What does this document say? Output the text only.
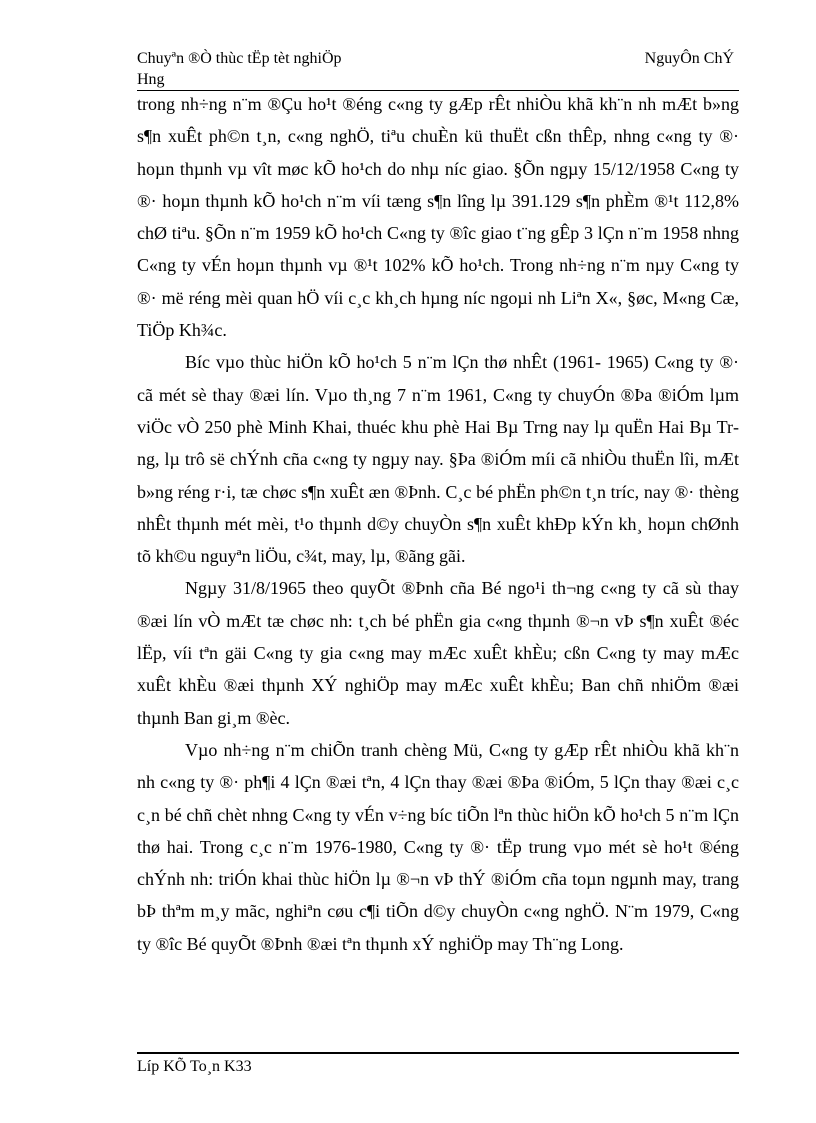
Chuyªn ®Ò thùc tËp tèt nghiÖp
Hng
NguyÔn ChÝ

trong nh÷ng n¨m ®Çu ho¹t ®éng c«ng ty gÆp rÊt nhiÒu khã kh¨n nh mÆt b»ng s¶n xuÊt ph©n t¸n, c«ng nghÖ, tiªu chuÈn kü thuËt cßn thÊp, nhng c«ng ty ®· hoµn thµnh vµ vît møc kÕ ho¹ch do nhµ níc giao. §Õn ngµy 15/12/1958 C«ng ty ®· hoµn thµnh kÕ ho¹ch n¨m víi tæng s¶n lîng lµ 391.129 s¶n phÈm ®¹t 112,8% chØ tiªu. §Õn n¨m 1959 kÕ ho¹ch C«ng ty ®îc giao t¨ng gÊp 3 lÇn n¨m 1958 nhng C«ng ty vÉn hoµn thµnh vµ ®¹t 102% kÕ ho¹ch. Trong nh÷ng n¨m nµy C«ng ty ®· më réng mèi quan hÖ víi c¸c kh¸ch hµng níc ngoµi nh Liªn X«, §øc, M«ng Cæ, TiÖp Kh¾c.

Bíc vµo thùc hiÖn kÕ ho¹ch 5 n¨m lÇn thø nhÊt (1961- 1965) C«ng ty ®· cã mét sè thay ®æi lín. Vµo th¸ng 7 n¨m 1961, C«ng ty chuyÓn ®Þa ®iÓm lµm viÖc vÒ 250 phè Minh Khai, thuéc khu phè Hai Bµ Trng nay lµ quËn Hai Bµ Trng, lµ trô së chÝnh cña c«ng ty ngµy nay. §Þa ®iÓm míi cã nhiÒu thuËn lîi, mÆt b»ng réng r·i, tæ chøc s¶n xuÊt æn ®Þnh. C¸c bé phËn ph©n t¸n tríc, nay ®· thèng nhÊt thµnh mét mèi, t¹o thµnh d©y chuyÒn s¶n xuÊt khÐp kÝn kh¸ hoµn chØnh tõ kh©u nguyªn liÖu, c¾t, may, lµ, ®ãng gãi.

Ngµy 31/8/1965 theo quyÕt ®Þnh cña Bé ngo¹i th¬ng c«ng ty cã sù thay ®æi lín vÒ mÆt tæ chøc nh: t¸ch bé phËn gia c«ng thµnh ®¬n vÞ s¶n xuÊt ®éc lËp, víi tªn gäi C«ng ty gia c«ng may mÆc xuÊt khÈu; cßn C«ng ty may mÆc xuÊt khÈu ®æi thµnh XÝ nghiÖp may mÆc xuÊt khÈu; Ban chñ nhiÖm ®æi thµnh Ban gi¸m ®èc.

Vµo nh÷ng n¨m chiÕn tranh chèng Mü, C«ng ty gÆp rÊt nhiÒu khã kh¨n nh c«ng ty ®· ph¶i 4 lÇn ®æi tªn, 4 lÇn thay ®æi ®Þa ®iÓm, 5 lÇn thay ®æi c¸c c¸n bé chñ chèt nhng C«ng ty vÉn v÷ng bíc tiÕn lªn thùc hiÖn kÕ ho¹ch 5 n¨m lÇn thø hai. Trong c¸c n¨m 1976-1980, C«ng ty ®· tËp trung vµo mét sè ho¹t ®éng chÝnh nh: triÓn khai thùc hiÖn lµ ®¬n vÞ thÝ ®iÓm cña toµn ngµnh may, trang bÞ thªm m¸y mãc, nghiªn cøu c¶i tiÕn d©y chuyÒn c«ng nghÖ. N¨m 1979, C«ng ty ®îc Bé quyÕt ®Þnh ®æi tªn thµnh xÝ nghiÖp may Th¨ng Long.

Líp KÕ To¸n K33
